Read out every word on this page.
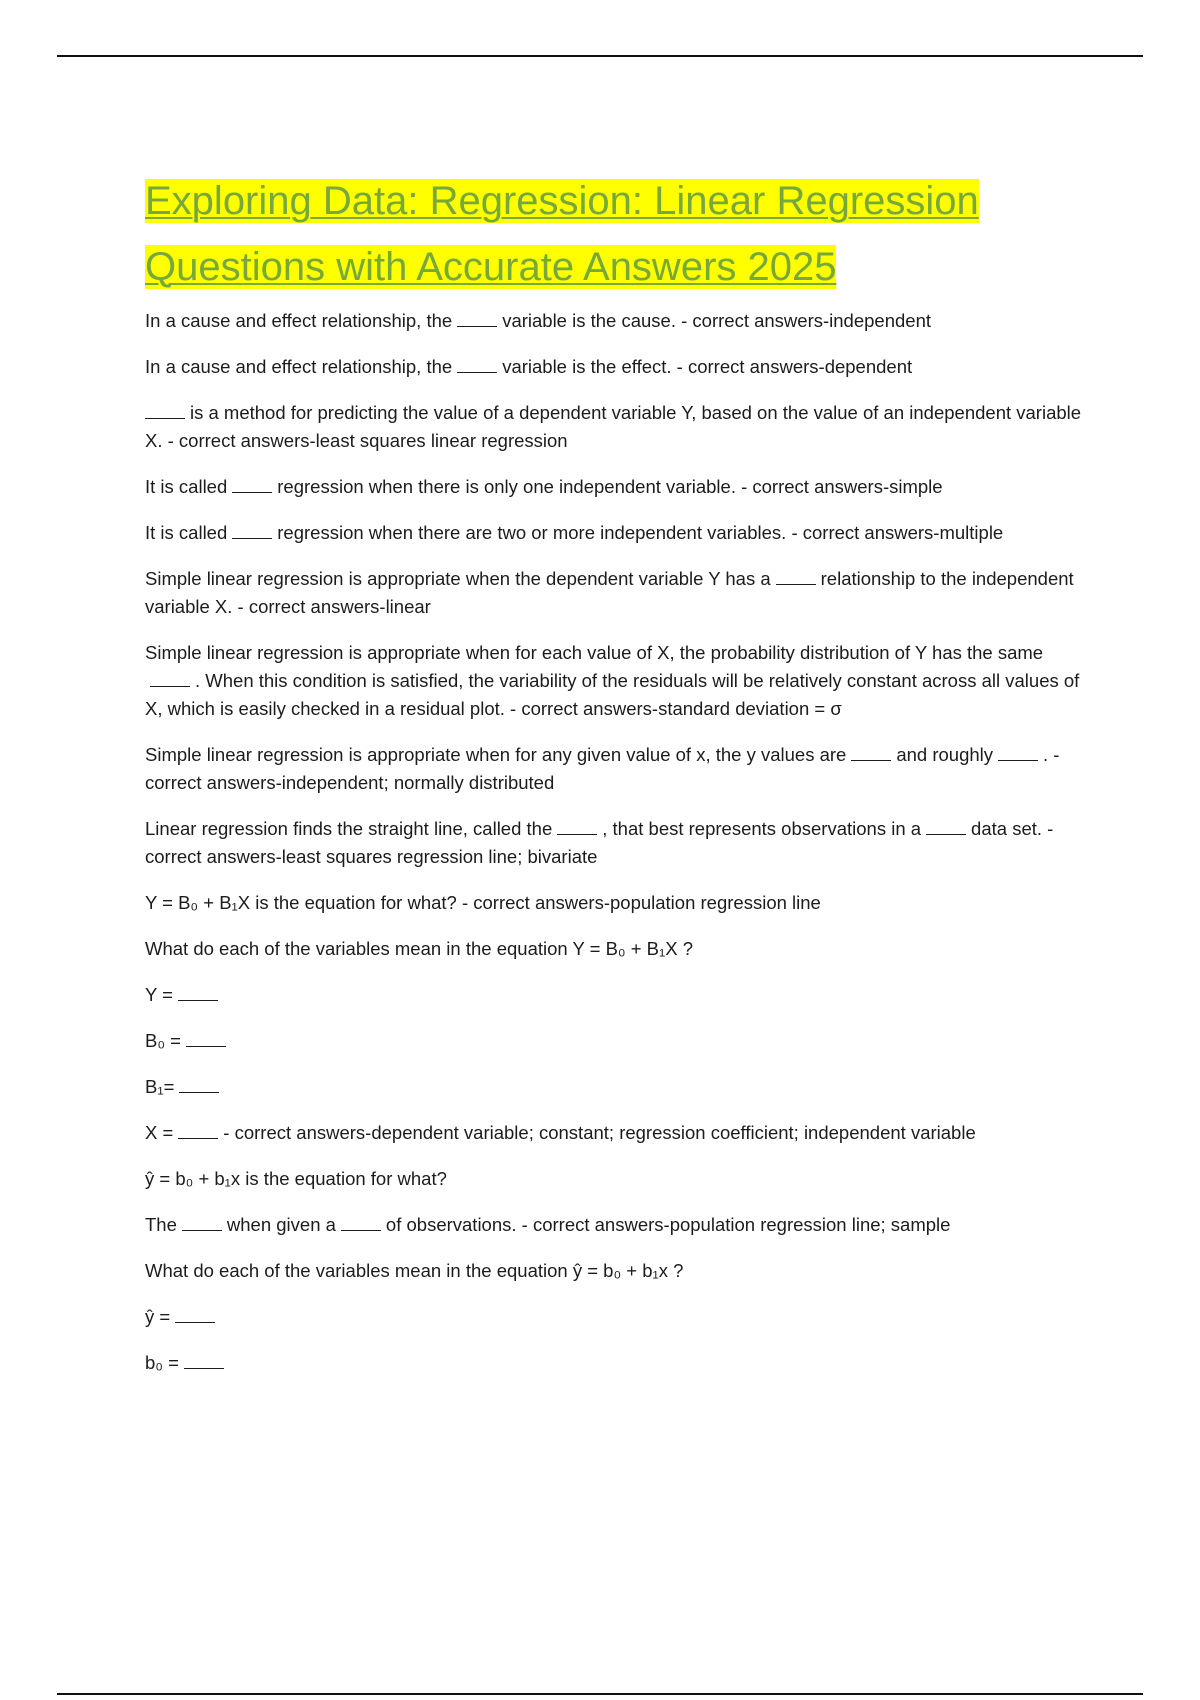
Exploring Data: Regression: Linear Regression
Questions with Accurate Answers 2025

In a cause and effect relationship, the	variable is the cause. - correct answers-independent

In a cause and effect relationship, the	variable is the effect. - correct answers-dependent

is a method for predicting the value of a dependent variable Y, based on the value of an independent variable X. - correct answers-least squares linear regression

It is called	regression when there is only one independent variable. - correct answers-simple

It is called	regression when there are two or more independent variables. - correct answers-multiple

Simple linear regression is appropriate when the dependent variable Y has a	relationship to the independent variable X. - correct answers-linear

Simple linear regression is appropriate when for each value of X, the probability distribution of Y has the same. When this condition is satisfied, the variability of the residuals will be relatively constant across all values of X, which is easily checked in a residual plot. - correct answers-standard deviation = σ

Simple linear regression is appropriate when for any given value of x, the y values are	and roughly	. - correct answers-independent; normally distributed

Linear regression finds the straight line, called the	, that best represents observations in a	data set. - correct answers-least squares regression line; bivariate

Y = B₀ + B₁X is the equation for what? - correct answers-population regression line

What do each of the variables mean in the equation Y = B₀ + B₁X ?

Y =

B₀ =

B₁=

X =	- correct answers-dependent variable; constant; regression coefficient; independent variable

ŷ = b₀ + b₁x is the equation for what?

The	when given a	of observations. - correct answers-population regression line; sample

What do each of the variables mean in the equation ŷ = b₀ + b₁x ?

ŷ =

b₀ =
